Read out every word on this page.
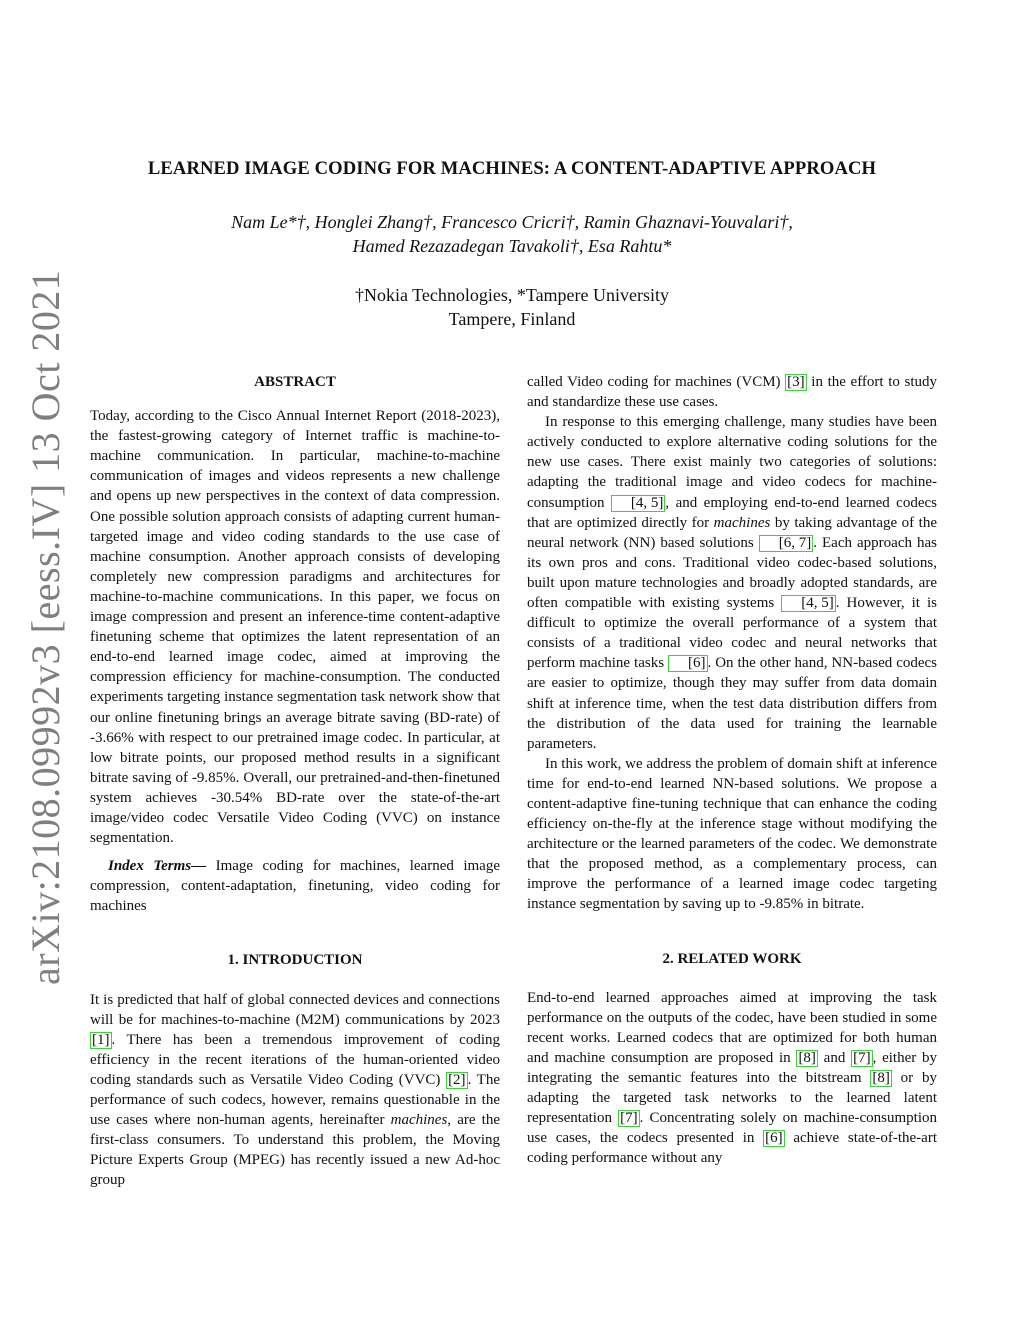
arXiv:2108.09992v3 [eess.IV] 13 Oct 2021
LEARNED IMAGE CODING FOR MACHINES: A CONTENT-ADAPTIVE APPROACH
Nam Le*†, Honglei Zhang†, Francesco Cricri†, Ramin Ghaznavi-Youvalari†,
Hamed Rezazadegan Tavakoli†, Esa Rahtu*
†Nokia Technologies, *Tampere University
Tampere, Finland

ABSTRACT

Today, according to the Cisco Annual Internet Report (2018-2023), the fastest-growing category of Internet traffic is machine-to-machine communication. In particular, machine-to-machine communication of images and videos represents a new challenge and opens up new perspectives in the context of data compression. One possible solution approach consists of adapting current human-targeted image and video coding standards to the use case of machine consumption. Another approach consists of developing completely new compression paradigms and architectures for machine-to-machine communications. In this paper, we focus on image compression and present an inference-time content-adaptive finetuning scheme that optimizes the latent representation of an end-to-end learned image codec, aimed at improving the compression efficiency for machine-consumption. The conducted experiments targeting instance segmentation task network show that our online finetuning brings an average bitrate saving (BD-rate) of -3.66% with respect to our pretrained image codec. In particular, at low bitrate points, our proposed method results in a significant bitrate saving of -9.85%. Overall, our pretrained-and-then-finetuned system achieves -30.54% BD-rate over the state-of-the-art image/video codec Versatile Video Coding (VVC) on instance segmentation.

Index Terms— Image coding for machines, learned image compression, content-adaptation, finetuning, video coding for machines

1. INTRODUCTION

It is predicted that half of global connected devices and connections will be for machines-to-machine (M2M) communications by 2023 [1] . There has been a tremendous improvement of coding efficiency in the recent iterations of the human-oriented video coding standards such as Versatile Video Coding (VVC) [2] . The performance of such codecs, however, remains questionable in the use cases where non-human agents, hereinafter machines, are the first-class consumers. To understand this problem, the Moving Picture Experts Group (MPEG) has recently issued a new Ad-hoc group

called Video coding for machines (VCM) [3] in the effort to study and standardize these use cases.

In response to this emerging challenge, many studies have been actively conducted to explore alternative coding solutions for the new use cases. There exist mainly two categories of solutions: adapting the traditional image and video codecs for machine-consumption [4, 5] , and employing end-to-end learned codecs that are optimized directly for machines by taking advantage of the neural network (NN) based solutions [6, 7] . Each approach has its own pros and cons. Traditional video codec-based solutions, built upon mature technologies and broadly adopted standards, are often compatible with existing systems [4, 5] . However, it is difficult to optimize the overall performance of a system that consists of a traditional video codec and neural networks that perform machine tasks [6] . On the other hand, NN-based codecs are easier to optimize, though they may suffer from data domain shift at inference time, when the test data distribution differs from the distribution of the data used for training the learnable parameters.

In this work, we address the problem of domain shift at inference time for end-to-end learned NN-based solutions. We propose a content-adaptive fine-tuning technique that can enhance the coding efficiency on-the-fly at the inference stage without modifying the architecture or the learned parameters of the codec. We demonstrate that the proposed method, as a complementary process, can improve the performance of a learned image codec targeting instance segmentation by saving up to -9.85% in bitrate.

2. RELATED WORK

End-to-end learned approaches aimed at improving the task performance on the outputs of the codec, have been studied in some recent works. Learned codecs that are optimized for both human and machine consumption are proposed in [8] and [7] , either by integrating the semantic features into the bitstream [8] or by adapting the targeted task networks to the learned latent representation [7] . Concentrating solely on machine-consumption use cases, the codecs presented in [6] achieve state-of-the-art coding performance without any
